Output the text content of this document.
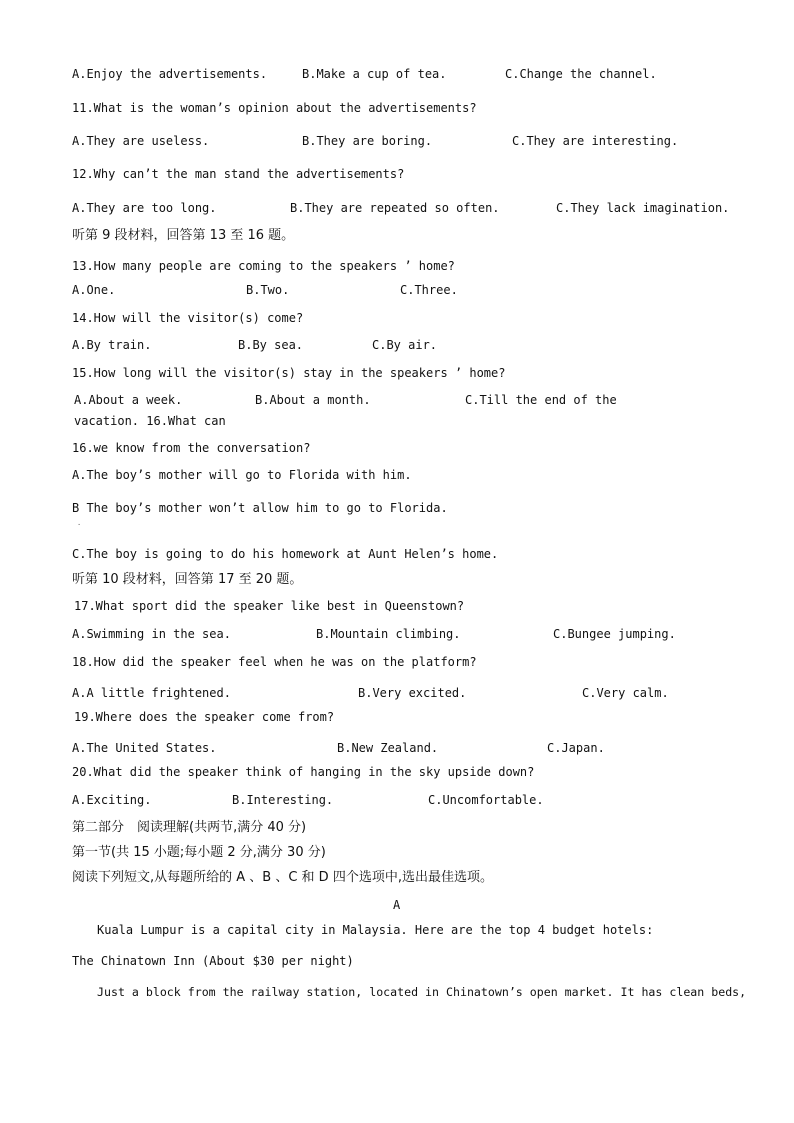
A.Enjoy the advertisements.	B.Make a cup of tea.	C.Change the channel.
11.What is the woman’s opinion about the advertisements?
A.They are useless.	B.They are boring.	C.They are interesting.
12.Why can’t the man stand the advertisements?
A.They are too long.	B.They are repeated so often.	C.They lack imagination.
听第 9 段材料，回答第 13 至 16 题。
13.How many people are coming to the speakers ’ home?
A.One.	B.Two.	C.Three.
14.How will the visitor(s) come?
A.By train.	B.By sea.	C.By air.
15.How long will the visitor(s) stay in the speakers ’ home?
A.About a week.	B.About a month.	C.Till the end of the
vacation. 16.What can
16.we know from the conversation?
A.The boy’s mother will go to Florida with him.
B The boy’s mother won’t allow him to go to Florida.
·
C.The boy is going to do his homework at Aunt Helen’s home.
听第 10 段材料，回答第 17 至 20 题。
17.What sport did the speaker like best in Queenstown?
A.Swimming in the sea.	B.Mountain climbing.	C.Bungee jumping.
18.How did the speaker feel when he was on the platform?
A.A little frightened.	B.Very excited.	C.Very calm.
19.Where does the speaker come from?
A.The United States.	B.New Zealand.	C.Japan.
20.What did the speaker think of hanging in the sky upside down?
A.Exciting.	B.Interesting.	C.Uncomfortable.
第二部分　阅读理解(共两节,满分 40 分)
第一节(共 15 小题;每小题 2 分,满分 30 分)
阅读下列短文,从每题所给的 A 、B 、C 和 D 四个选项中,选出最佳选项。
A
Kuala Lumpur is a capital city in Malaysia. Here are the top 4 budget hotels:
The Chinatown Inn (About $30 per night)
Just a block from the railway station, located in Chinatown’s open market. It has clean beds,
